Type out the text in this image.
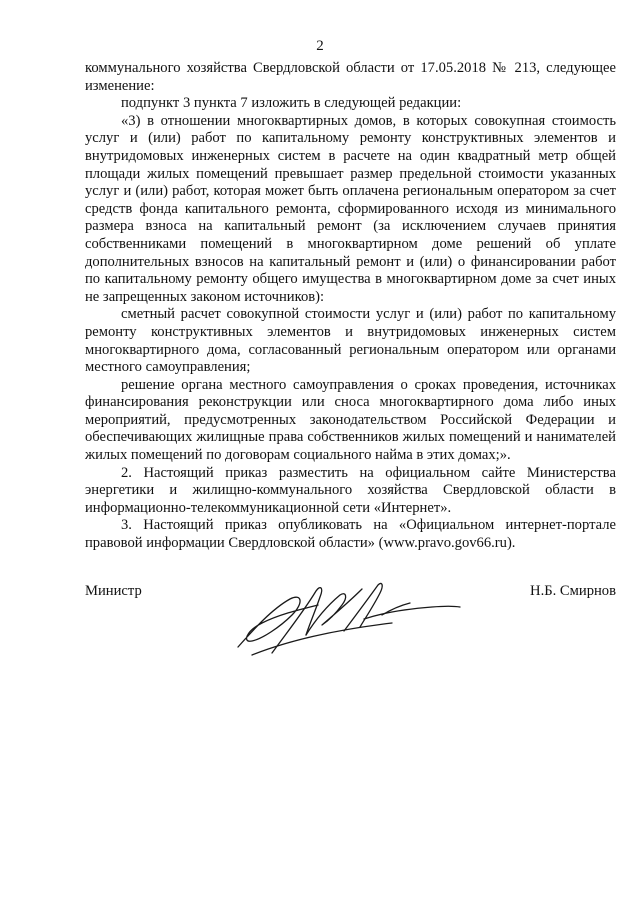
2

коммунального хозяйства Свердловской области от 17.05.2018 № 213, следующее изменение:

подпункт 3 пункта 7 изложить в следующей редакции:

«3) в отношении многоквартирных домов, в которых совокупная стоимость услуг и (или) работ по капитальному ремонту конструктивных элементов и внутридомовых инженерных систем в расчете на один квадратный метр общей площади жилых помещений превышает размер предельной стоимости указанных услуг и (или) работ, которая может быть оплачена региональным оператором за счет средств фонда капитального ремонта, сформированного исходя из минимального размера взноса на капитальный ремонт (за исключением случаев принятия собственниками помещений в многоквартирном доме решений об уплате дополнительных взносов на капитальный ремонт и (или) о финансировании работ по капитальному ремонту общего имущества в многоквартирном доме за счет иных не запрещенных законом источников):

сметный расчет совокупной стоимости услуг и (или) работ по капитальному ремонту конструктивных элементов и внутридомовых инженерных систем многоквартирного дома, согласованный региональным оператором или органами местного самоуправления;

решение органа местного самоуправления о сроках проведения, источниках финансирования реконструкции или сноса многоквартирного дома либо иных мероприятий, предусмотренных законодательством Российской Федерации и обеспечивающих жилищные права собственников жилых помещений и нанимателей жилых помещений по договорам социального найма в этих домах;».

2. Настоящий приказ разместить на официальном сайте Министерства энергетики и жилищно-коммунального хозяйства Свердловской области в информационно-телекоммуникационной сети «Интернет».

3. Настоящий приказ опубликовать на «Официальном интернет-портале правовой информации Свердловской области» (www.pravo.gov66.ru).

Министр	Н.Б. Смирнов
